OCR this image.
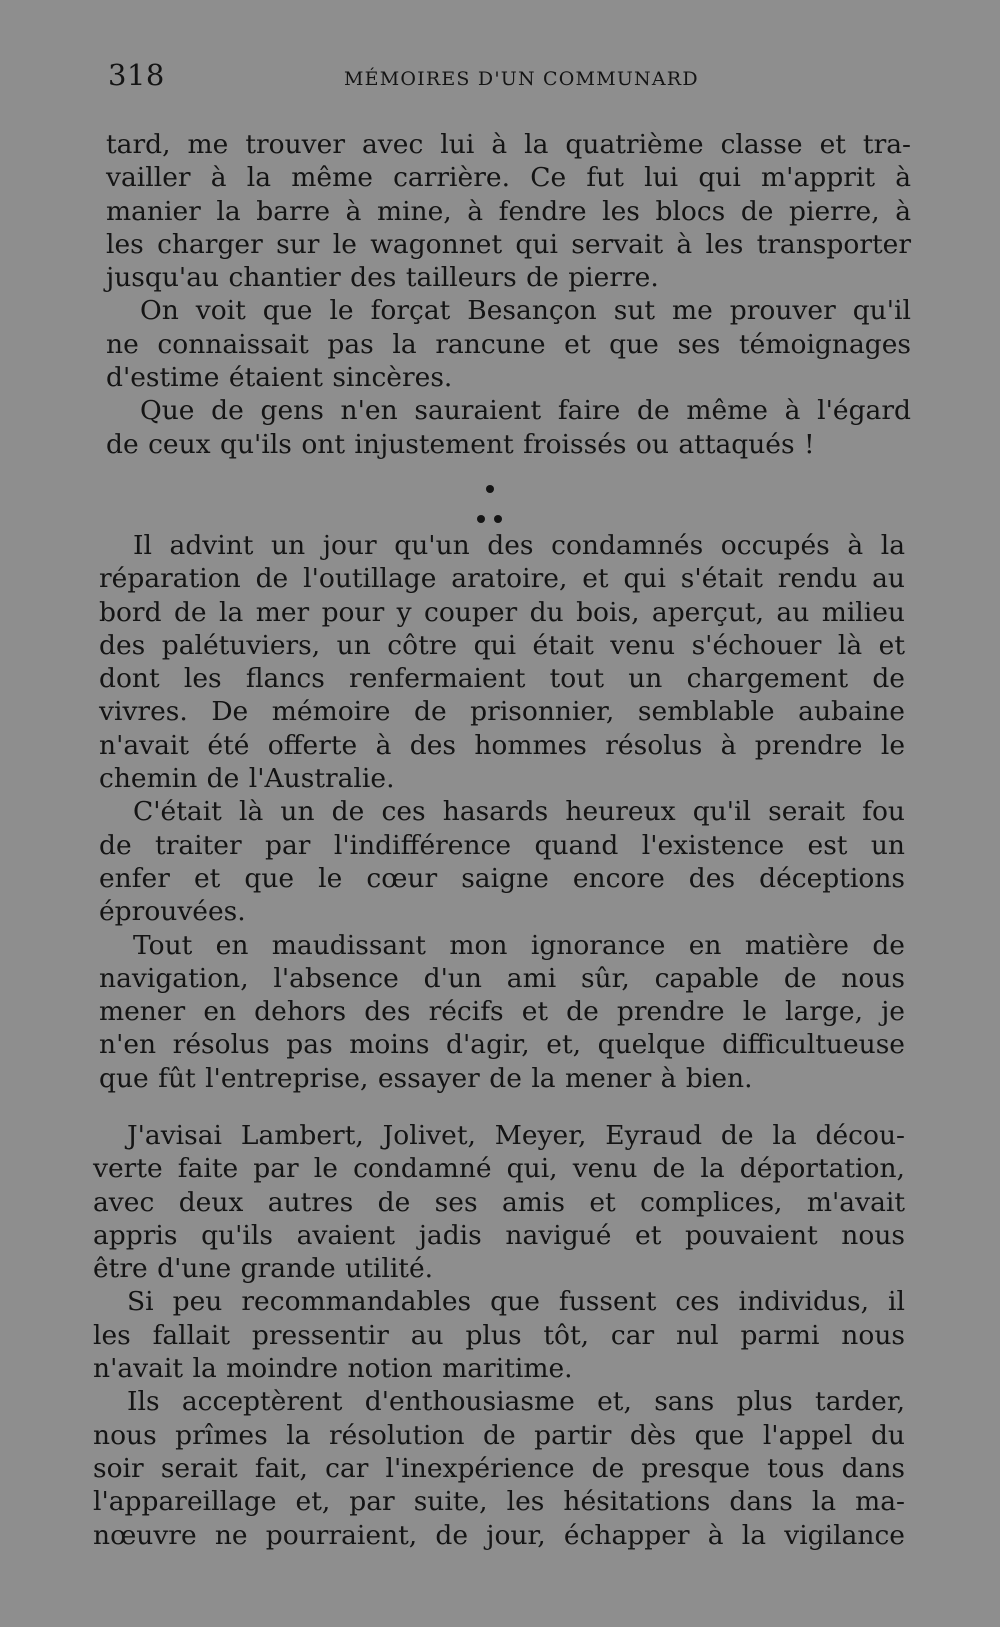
318	MÉMOIRES D'UN COMMUNARD
tard, me trouver avec lui à la quatrième classe et tra-
vailler à la même carrière. Ce fut lui qui m'apprit à
manier la barre à mine, à fendre les blocs de pierre, à
les charger sur le wagonnet qui servait à les transporter
jusqu'au chantier des tailleurs de pierre.
On voit que le forçat Besançon sut me prouver qu'il
ne connaissait pas la rancune et que ses témoignages
d'estime étaient sincères.
Que de gens n'en sauraient faire de même à l'égard
de ceux qu'ils ont injustement froissés ou attaqués !
Il advint un jour qu'un des condamnés occupés à la
réparation de l'outillage aratoire, et qui s'était rendu au
bord de la mer pour y couper du bois, aperçut, au milieu
des palétuviers, un côtre qui était venu s'échouer là et
dont les flancs renfermaient tout un chargement de
vivres. De mémoire de prisonnier, semblable aubaine
n'avait été offerte à des hommes résolus à prendre le
chemin de l'Australie.
C'était là un de ces hasards heureux qu'il serait fou
de traiter par l'indifférence quand l'existence est un
enfer et que le cœur saigne encore des déceptions
éprouvées.
Tout en maudissant mon ignorance en matière de
navigation, l'absence d'un ami sûr, capable de nous
mener en dehors des récifs et de prendre le large, je
n'en résolus pas moins d'agir, et, quelque difficultueuse
que fût l'entreprise, essayer de la mener à bien.
J'avisai Lambert, Jolivet, Meyer, Eyraud de la décou-
verte faite par le condamné qui, venu de la déportation,
avec deux autres de ses amis et complices, m'avait
appris qu'ils avaient jadis navigué et pouvaient nous
être d'une grande utilité.
Si peu recommandables que fussent ces individus, il
les fallait pressentir au plus tôt, car nul parmi nous
n'avait la moindre notion maritime.
Ils acceptèrent d'enthousiasme et, sans plus tarder,
nous prîmes la résolution de partir dès que l'appel du
soir serait fait, car l'inexpérience de presque tous dans
l'appareillage et, par suite, les hésitations dans la ma-
nœuvre ne pourraient, de jour, échapper à la vigilance
